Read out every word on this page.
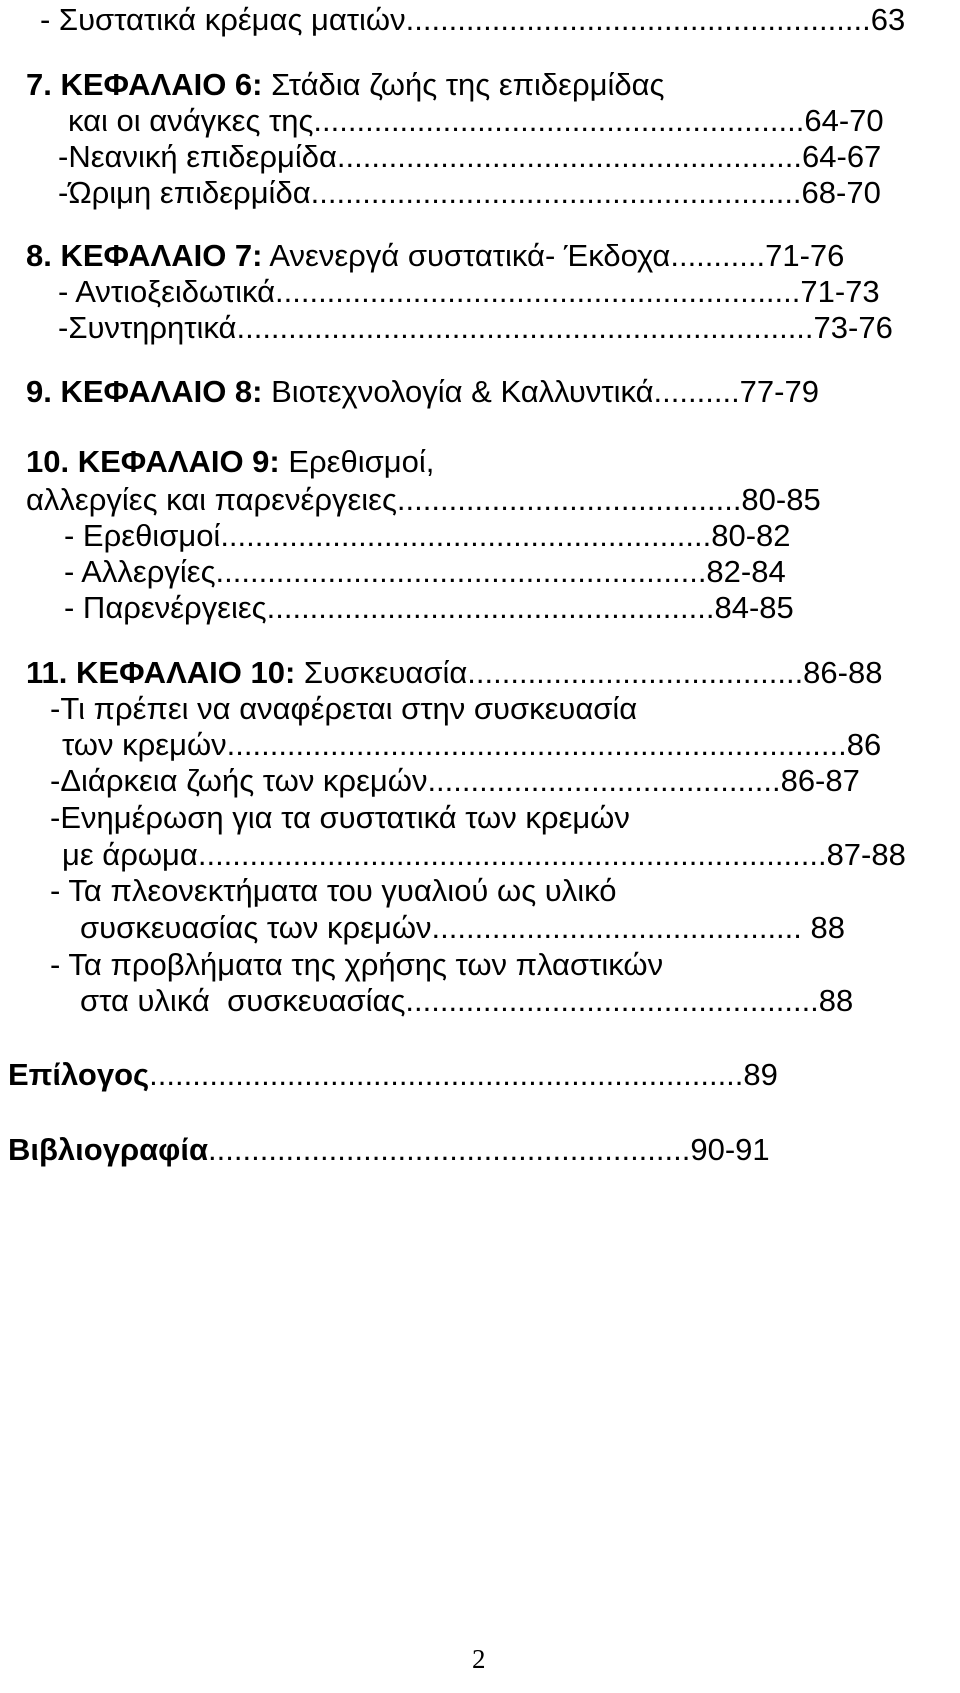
- Συστατικά κρέμας ματιών......................................................63
7. ΚΕΦΑΛΑΙΟ 6: Στάδια ζωής της επιδερμίδας
και οι ανάγκες της.........................................................64-70
-Νεανική επιδερμίδα......................................................64-67
-Ώριμη επιδερμίδα.........................................................68-70
8. ΚΕΦΑΛΑΙΟ 7: Ανενεργά συστατικά- Έκδοχα...........71-76
- Αντιοξειδωτικά.............................................................71-73
-Συντηρητικά...................................................................73-76
9. ΚΕΦΑΛΑΙΟ 8: Βιοτεχνολογία & Καλλυντικά..........77-79
10. ΚΕΦΑΛΑΙΟ 9: Ερεθισμοί,
αλλεργίες και παρενέργειες........................................80-85
- Ερεθισμοί.........................................................80-82
- Αλλεργίες.........................................................82-84
- Παρενέργειες....................................................84-85
11. ΚΕΦΑΛΑΙΟ 10: Συσκευασία.......................................86-88
-Τι πρέπει να αναφέρεται στην συσκευασία
των κρεμών........................................................................86
-Διάρκεια ζωής των κρεμών.........................................86-87
-Ενημέρωση για τα συστατικά των κρεμών
με άρωμα.........................................................................87-88
- Τα πλεονεκτήματα του γυαλιού ως υλικό
συσκευασίας των κρεμών........................................... 88
- Τα προβλήματα της χρήσης των πλαστικών
στα υλικά  συσκευασίας................................................88
Επίλογος.....................................................................89
Βιβλιογραφία........................................................90-91
2
